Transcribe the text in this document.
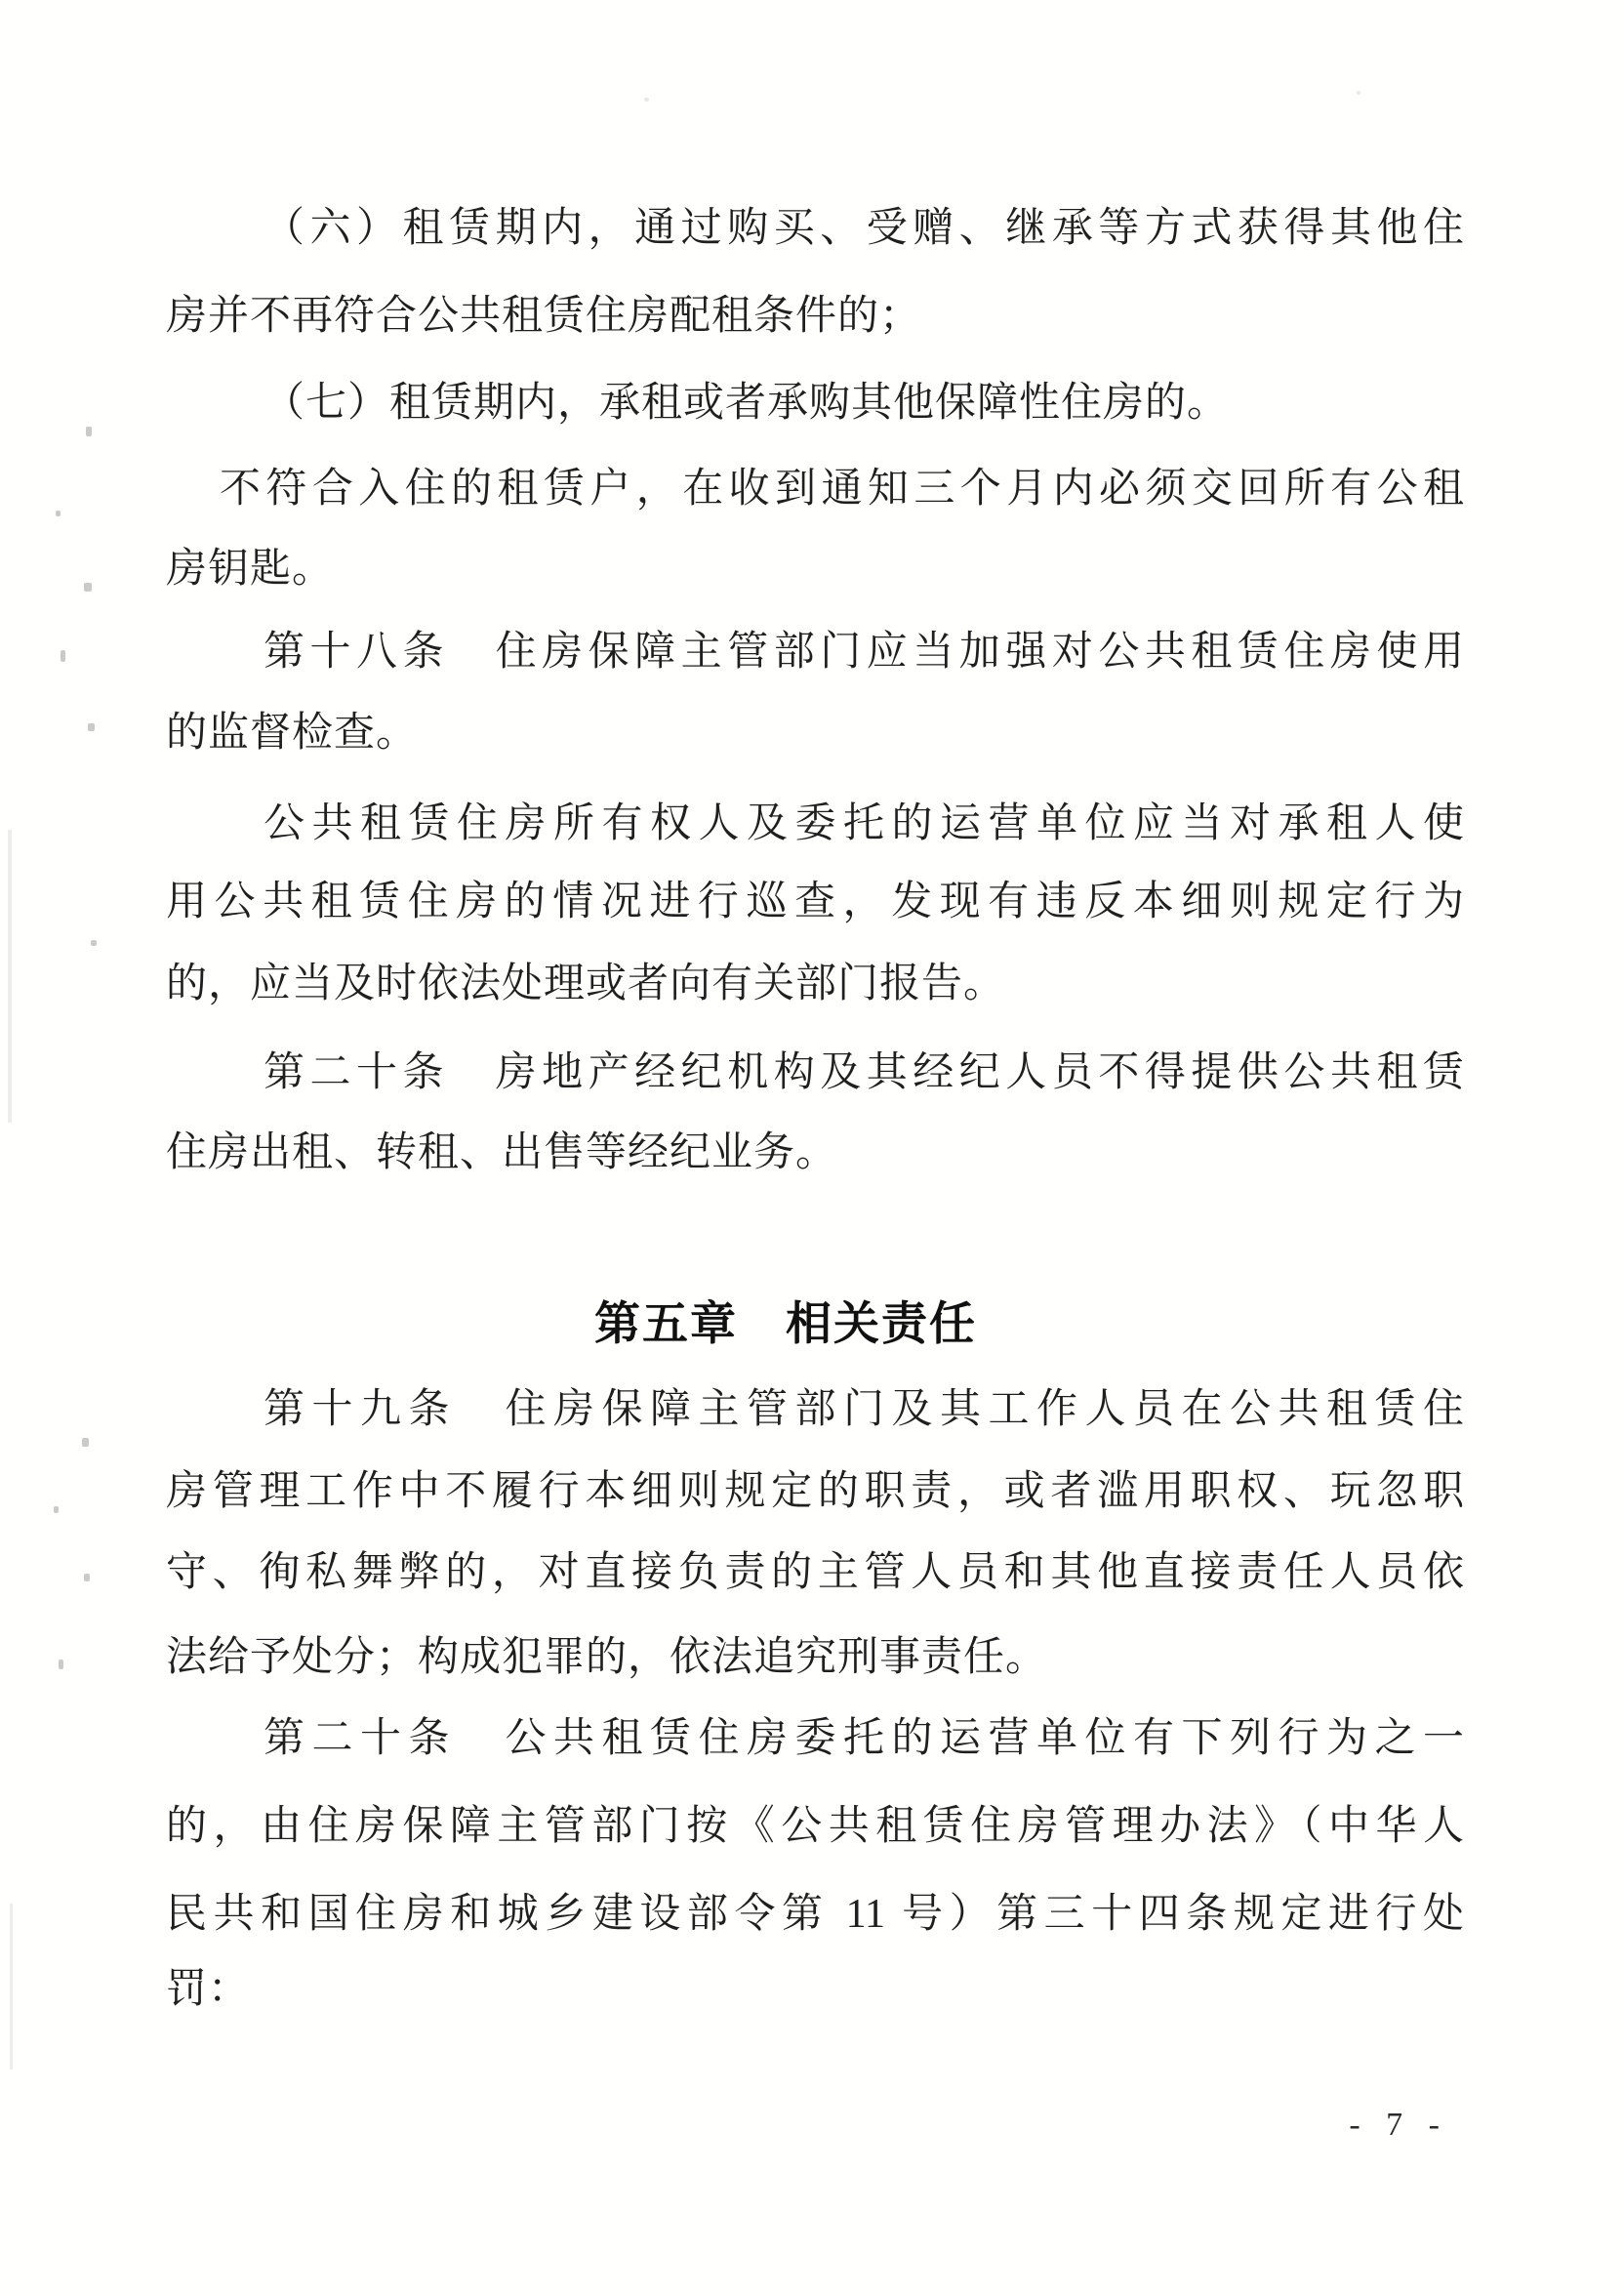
（六）租赁期内，通过购买、受赠、继承等方式获得其他住
房并不再符合公共租赁住房配租条件的；
（七）租赁期内，承租或者承购其他保障性住房的。
不符合入住的租赁户，在收到通知三个月内必须交回所有公租
房钥匙。
第十八条　住房保障主管部门应当加强对公共租赁住房使用
的监督检查。
公共租赁住房所有权人及委托的运营单位应当对承租人使
用公共租赁住房的情况进行巡查，发现有违反本细则规定行为
的，应当及时依法处理或者向有关部门报告。
第二十条　房地产经纪机构及其经纪人员不得提供公共租赁
住房出租、转租、出售等经纪业务。
第五章　相关责任
第十九条　住房保障主管部门及其工作人员在公共租赁住
房管理工作中不履行本细则规定的职责，或者滥用职权、玩忽职
守、徇私舞弊的，对直接负责的主管人员和其他直接责任人员依
法给予处分；构成犯罪的，依法追究刑事责任。
第二十条　公共租赁住房委托的运营单位有下列行为之一
的，由住房保障主管部门按《公共租赁住房管理办法》（中华人
民共和国住房和城乡建设部令第 11 号）第三十四条规定进行处
罚：
- 7 -
